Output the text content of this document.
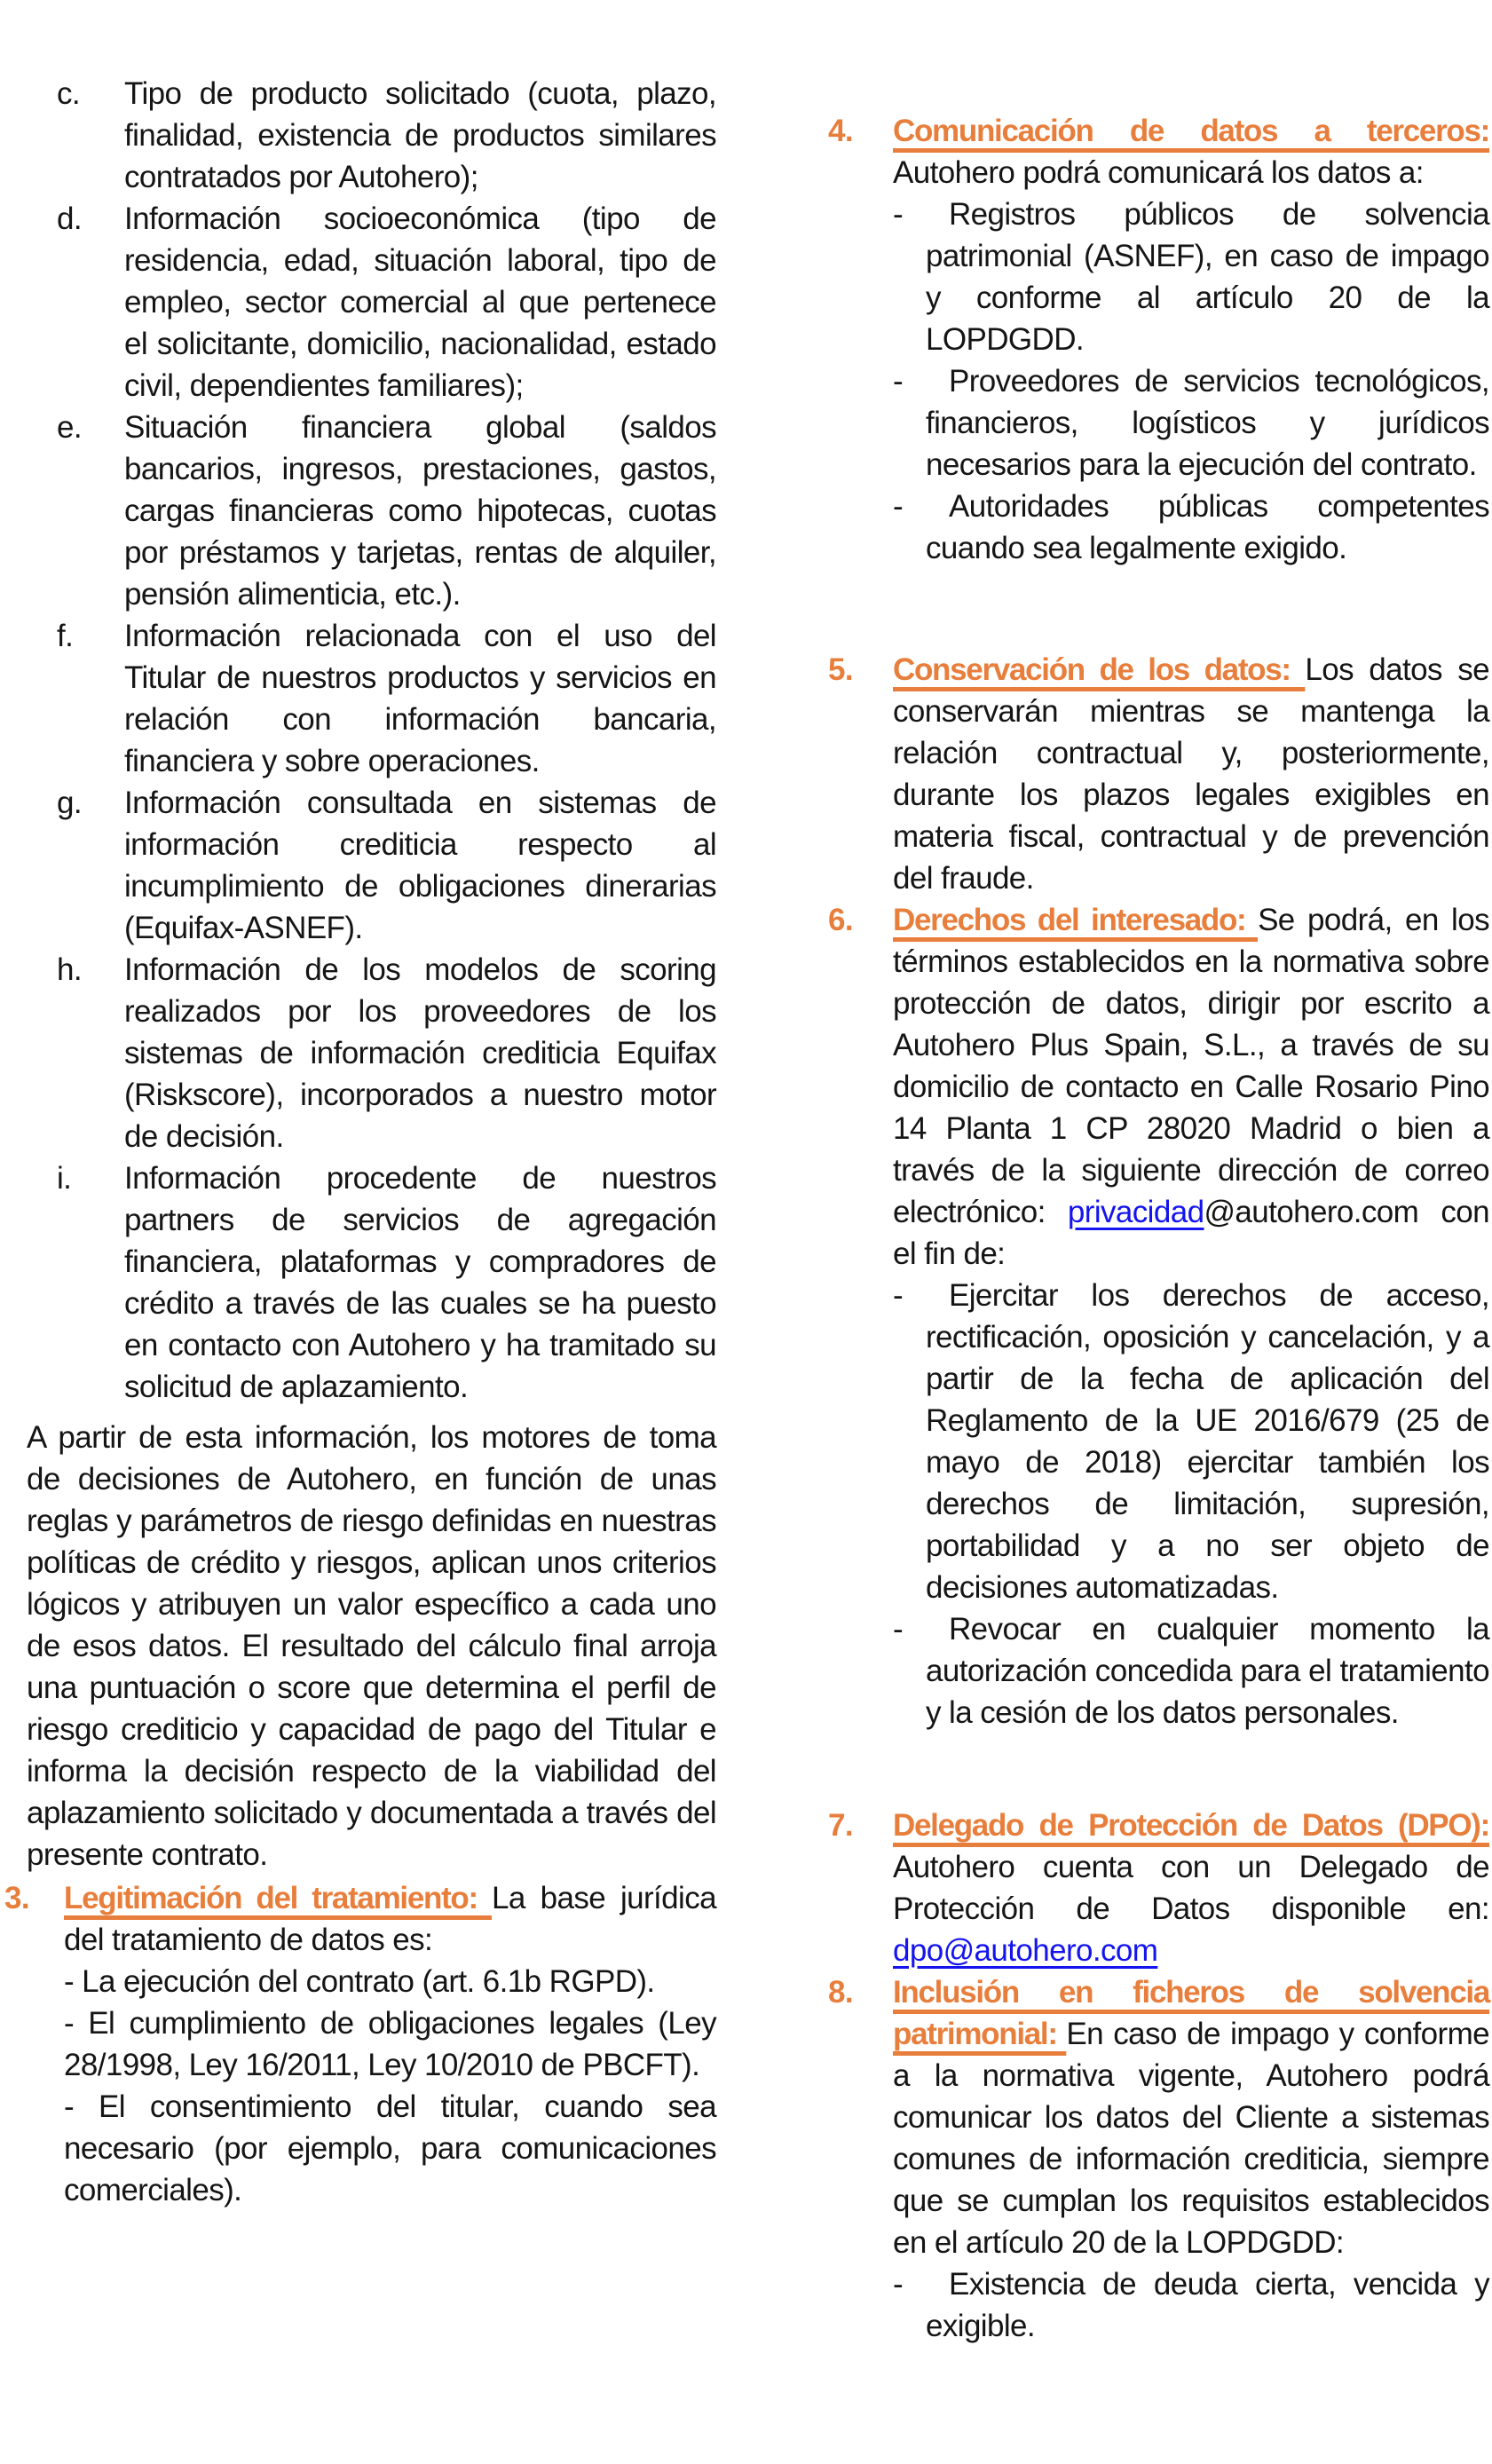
c.	Tipo de producto solicitado (cuota, plazo, finalidad, existencia de productos similares contratados por Autohero);

d.	Información socioeconómica (tipo de residencia, edad, situación laboral, tipo de empleo, sector comercial al que pertenece el solicitante, domicilio, nacionalidad, estado civil, dependientes familiares);

e.	Situación financiera global (saldos bancarios, ingresos, prestaciones, gastos, cargas financieras como hipotecas, cuotas por préstamos y tarjetas, rentas de alquiler, pensión alimenticia, etc.).

f.	Información relacionada con el uso del Titular de nuestros productos y servicios en relación con información bancaria, financiera y sobre operaciones.

g.	Información consultada en sistemas de información crediticia respecto al incumplimiento de obligaciones dinerarias (Equifax-ASNEF).

h.	Información de los modelos de scoring realizados por los proveedores de los sistemas de información crediticia Equifax (Riskscore), incorporados a nuestro motor de decisión.

i.	Información procedente de nuestros partners de servicios de agregación financiera, plataformas y compradores de crédito a través de las cuales se ha puesto en contacto con Autohero y ha tramitado su solicitud de aplazamiento.

A partir de esta información, los motores de toma de decisiones de Autohero, en función de unas reglas y parámetros de riesgo definidas en nuestras políticas de crédito y riesgos, aplican unos criterios lógicos y atribuyen un valor específico a cada uno de esos datos. El resultado del cálculo final arroja una puntuación o score que determina el perfil de riesgo crediticio y capacidad de pago del Titular e informa la decisión respecto de la viabilidad del aplazamiento solicitado y documentada a través del presente contrato.

3.	Legitimación del tratamiento: La base jurídica del tratamiento de datos es:

- La ejecución del contrato (art. 6.1b RGPD).

- El cumplimiento de obligaciones legales (Ley 28/1998, Ley 16/2011, Ley 10/2010 de PBCFT).

- El consentimiento del titular, cuando sea necesario (por ejemplo, para comunicaciones comerciales).

4.	Comunicación de datos a terceros: Autohero podrá comunicará los datos a:

-	Registros públicos de solvencia patrimonial (ASNEF), en caso de impago y conforme al artículo 20 de la LOPDGDD.

-	Proveedores de servicios tecnológicos, financieros, logísticos y jurídicos necesarios para la ejecución del contrato.

-	Autoridades públicas competentes cuando sea legalmente exigido.

5.	Conservación de los datos: Los datos se conservarán mientras se mantenga la relación contractual y, posteriormente, durante los plazos legales exigibles en materia fiscal, contractual y de prevención del fraude.

6.	Derechos del interesado: Se podrá, en los términos establecidos en la normativa sobre protección de datos, dirigir por escrito a Autohero Plus Spain, S.L., a través de su domicilio de contacto en Calle Rosario Pino 14 Planta 1 CP 28020 Madrid o bien a través de la siguiente dirección de correo electrónico: privacidad@autohero.com con el fin de:

-	Ejercitar los derechos de acceso, rectificación, oposición y cancelación, y a partir de la fecha de aplicación del Reglamento de la UE 2016/679 (25 de mayo de 2018) ejercitar también los derechos de limitación, supresión, portabilidad y a no ser objeto de decisiones automatizadas.

-	Revocar en cualquier momento la autorización concedida para el tratamiento y la cesión de los datos personales.

7.	Delegado de Protección de Datos (DPO): Autohero cuenta con un Delegado de Protección de Datos disponible en:

dpo@autohero.com

8.	Inclusión en ficheros de solvencia patrimonial: En caso de impago y conforme a la normativa vigente, Autohero podrá comunicar los datos del Cliente a sistemas comunes de información crediticia, siempre que se cumplan los requisitos establecidos en el artículo 20 de la LOPDGDD:

-	Existencia de deuda cierta, vencida y exigible.
